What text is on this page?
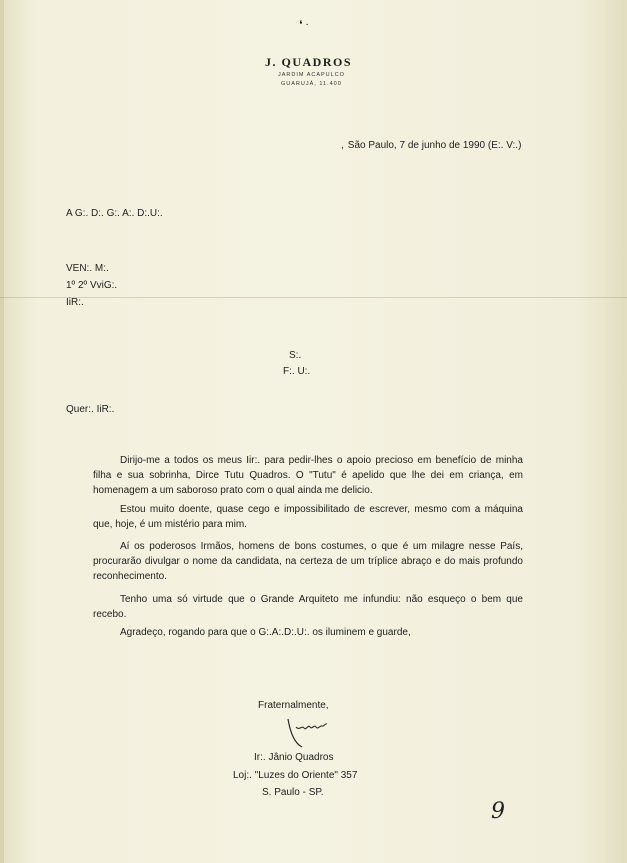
❛ ·
J. QUADROS
JARDIM ACAPULCO
GUARUJÁ, 11.400
, São Paulo, 7 de junho de 1990 (E:. V:.)
A G:. D:. G:. A:. D:.U:.
VEN:. M:.
1º 2º VviG:.
IiR:.
S:.
F:. U:.
Quer:. IiR:.

Dirijo-me a todos os meus Iir:. para pedir-lhes o apoio precioso em benefício de minha filha e sua sobrinha, Dirce Tutu Quadros. O "Tutu" é apelido que lhe dei em criança, em homenagem a um saboroso prato com o qual ainda me delicio.

Estou muito doente, quase cego e impossibilitado de escrever, mesmo com a máquina que, hoje, é um mistério para mim.

Aí os poderosos Irmãos, homens de bons costumes, o que é um milagre nesse País, procurarão divulgar o nome da candidata, na certeza de um tríplice abraço e do mais profundo reconhecimento.

Tenho uma só virtude que o Grande Arquiteto me infundiu: não esqueço o bem que recebo.

Agradeço, rogando para que o G:.A:.D:.U:. os iluminem e guarde,

Fraternalmente,
Ir:. Jânio Quadros
Loj:. "Luzes do Oriente" 357
S. Paulo - SP.
9
